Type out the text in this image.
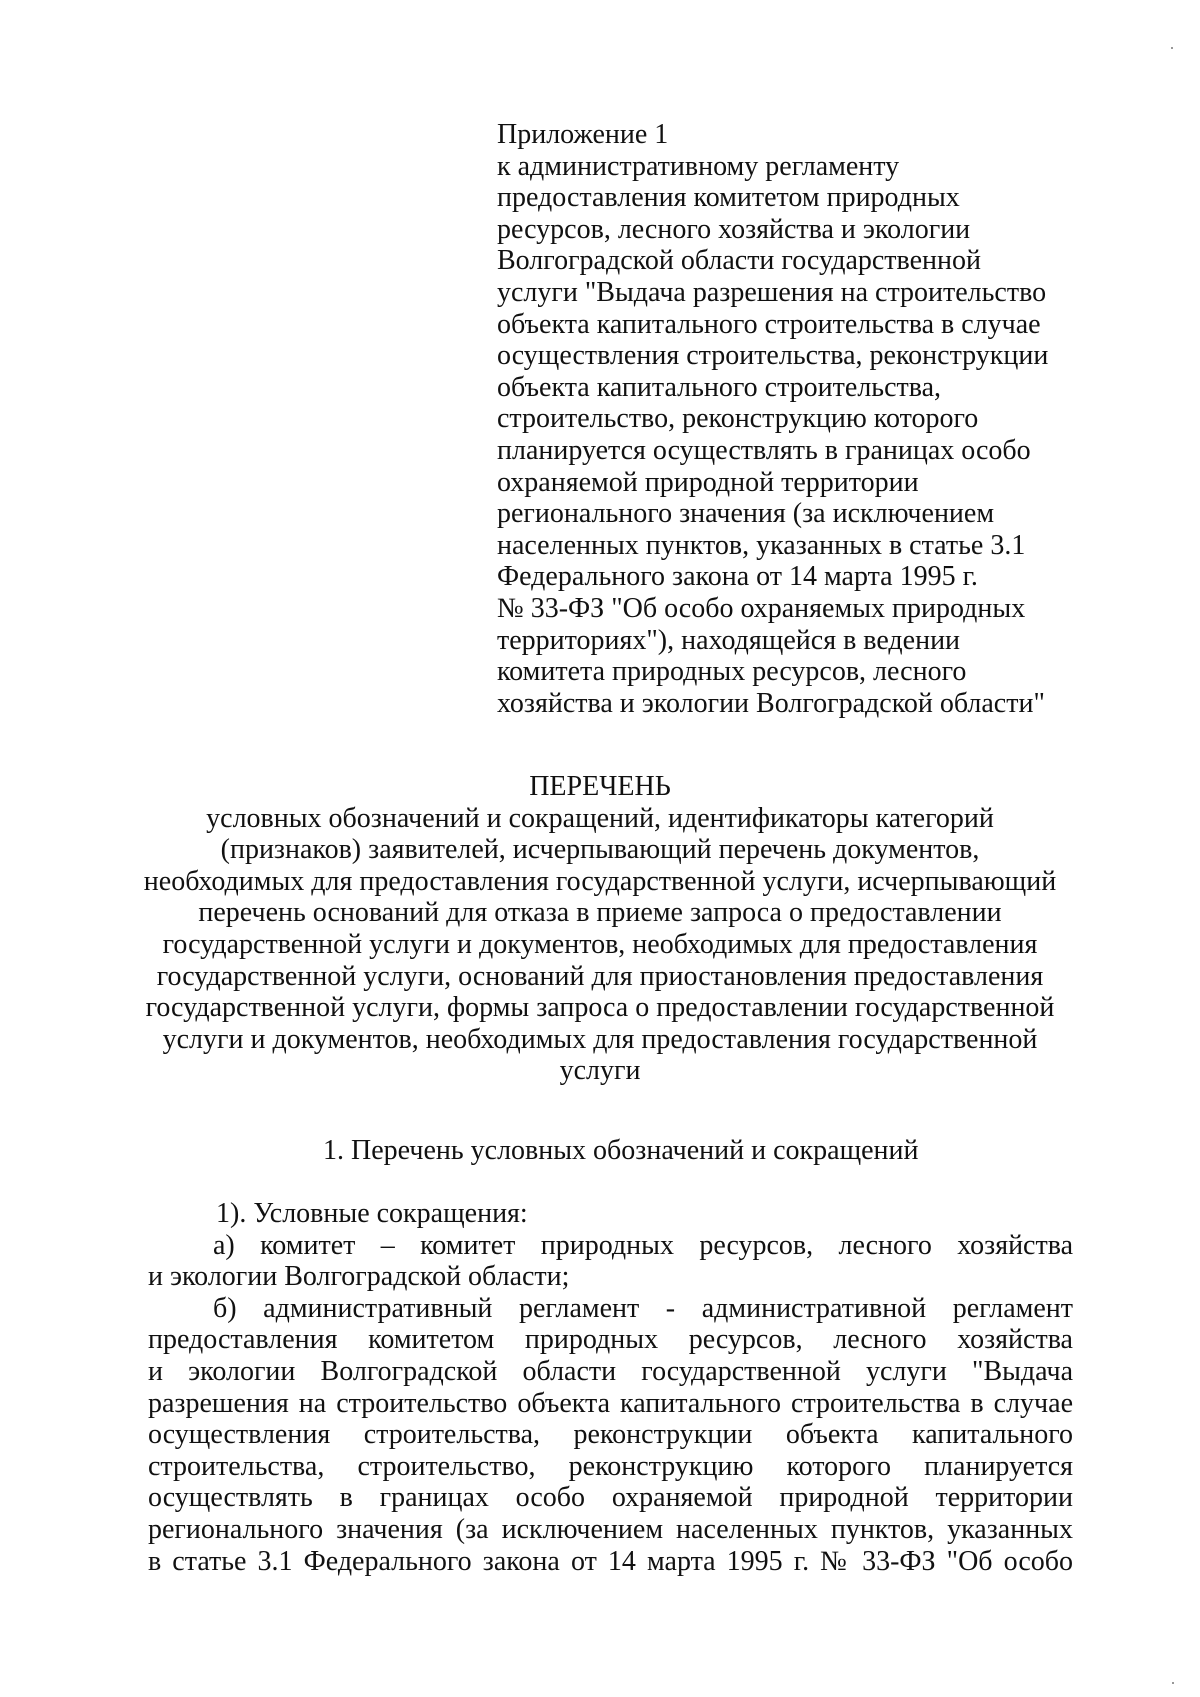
Приложение 1
к административному регламенту
предоставления комитетом природных
ресурсов, лесного хозяйства и экологии
Волгоградской области государственной
услуги "Выдача разрешения на строительство
объекта капитального строительства в случае
осуществления строительства, реконструкции
объекта капитального строительства,
строительство, реконструкцию которого
планируется осуществлять в границах особо
охраняемой природной территории
регионального значения (за исключением
населенных пунктов, указанных в статье 3.1
Федерального закона от 14 марта 1995 г.
№ 33-ФЗ "Об особо охраняемых природных
территориях"), находящейся в ведении
комитета природных ресурсов, лесного
хозяйства и экологии Волгоградской области"
ПЕРЕЧЕНЬ
условных обозначений и сокращений, идентификаторы категорий
(признаков) заявителей, исчерпывающий перечень документов,
необходимых для предоставления государственной услуги, исчерпывающий
перечень оснований для отказа в приеме запроса о предоставлении
государственной услуги и документов, необходимых для предоставления
государственной услуги, оснований для приостановления предоставления
государственной услуги, формы запроса о предоставлении государственной
услуги и документов, необходимых для предоставления государственной
услуги
1. Перечень условных обозначений и сокращений
1). Условные сокращения:
а) комитет – комитет природных ресурсов, лесного хозяйства
и экологии Волгоградской области;
б) административный регламент - административной регламент
предоставления комитетом природных ресурсов, лесного хозяйства
и экологии Волгоградской области государственной услуги "Выдача
разрешения на строительство объекта капитального строительства в случае
осуществления строительства, реконструкции объекта капитального
строительства, строительство, реконструкцию которого планируется
осуществлять в границах особо охраняемой природной территории
регионального значения (за исключением населенных пунктов, указанных
в статье 3.1 Федерального закона от 14 марта 1995 г. № 33-ФЗ "Об особо
